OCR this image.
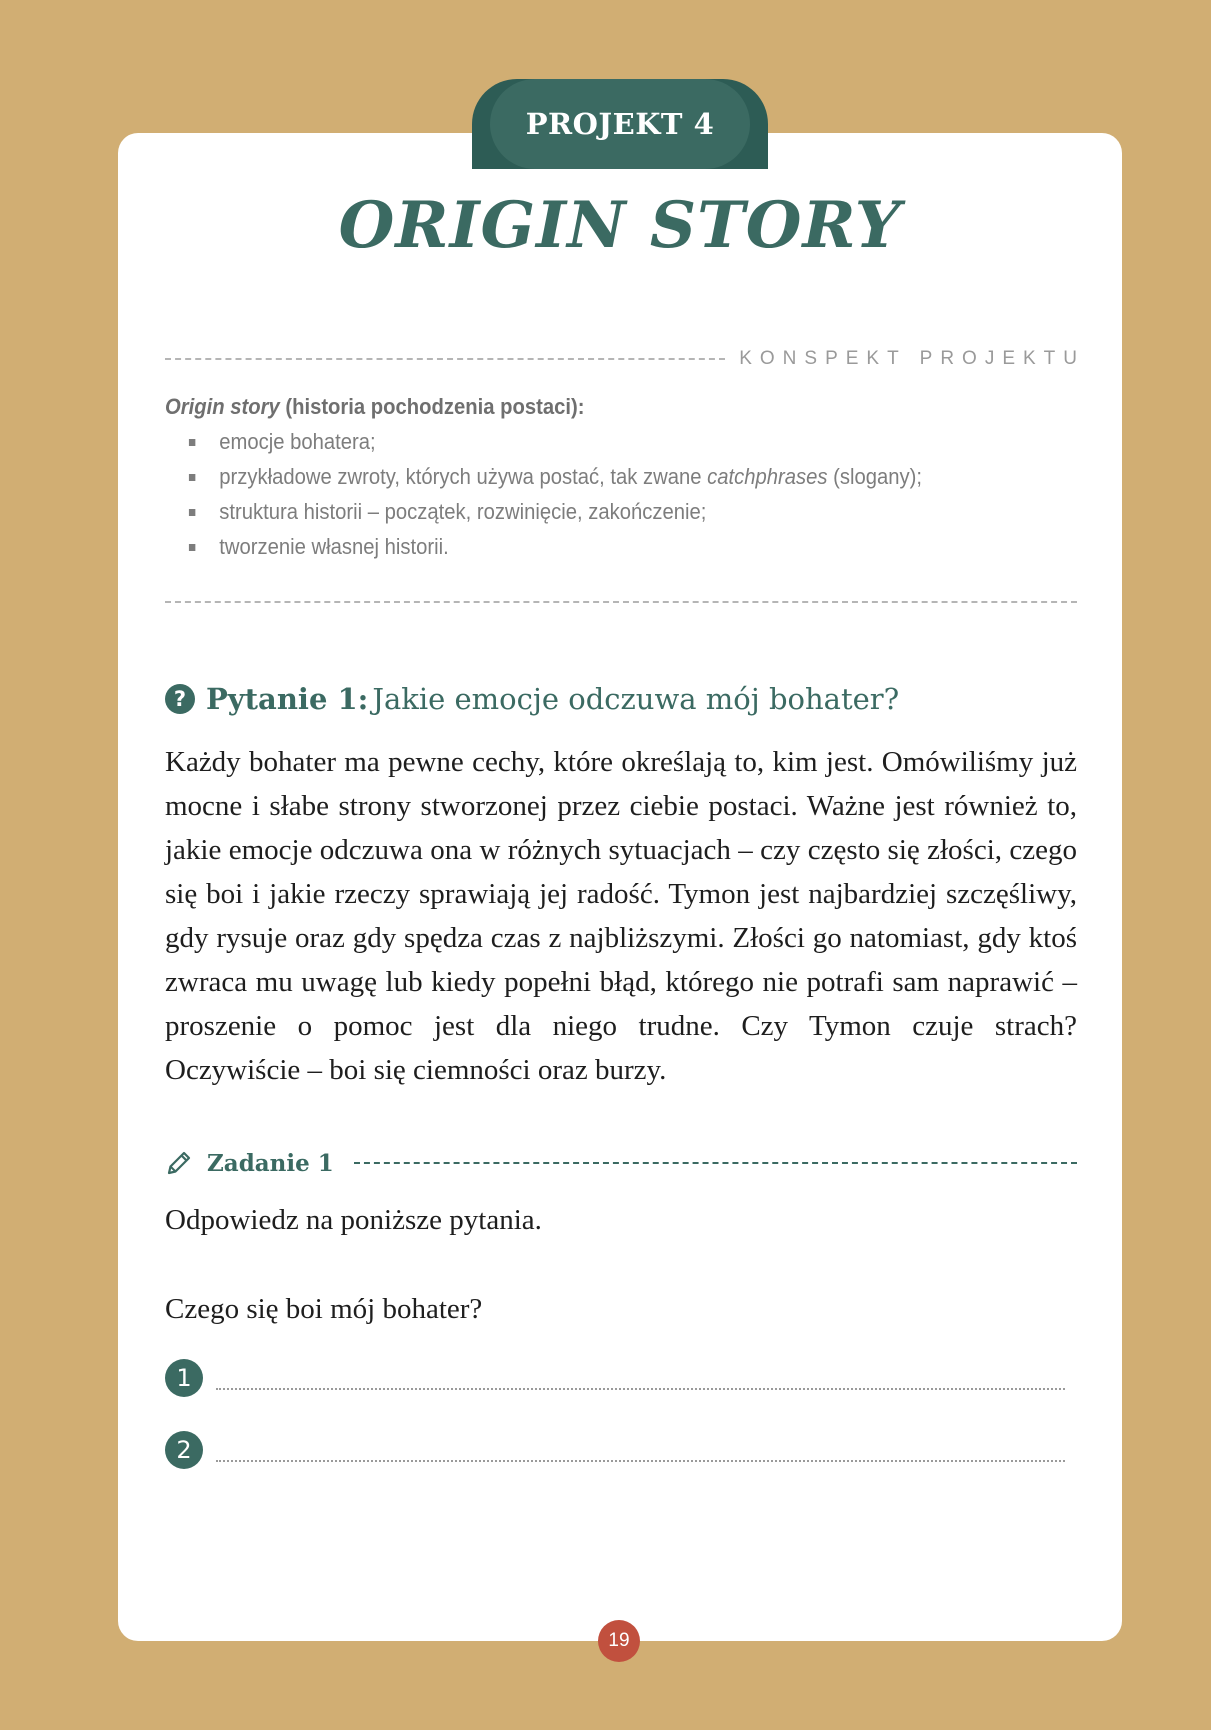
PROJEKT 4
ORIGIN STORY
KONSPEKT PROJEKTU
Origin story (historia pochodzenia postaci):
emocje bohatera;
przykładowe zwroty, których używa postać, tak zwane catchphrases (slogany);
struktura historii – początek, rozwinięcie, zakończenie;
tworzenie własnej historii.
? Pytanie 1: Jakie emocje odczuwa mój bohater?

Każdy bohater ma pewne cechy, które określają to, kim jest. Omówiliśmy już mocne i słabe strony stworzonej przez ciebie postaci. Ważne jest również to, jakie emocje odczuwa ona w różnych sytuacjach – czy często się złości, czego się boi i jakie rzeczy sprawiają jej radość. Tymon jest najbardziej szczęśliwy, gdy rysuje oraz gdy spędza czas z najbliższymi. Złości go natomiast, gdy ktoś zwraca mu uwagę lub kiedy popełni błąd, którego nie potrafi sam naprawić – proszenie o pomoc jest dla niego trudne. Czy Tymon czuje strach? Oczywiście – boi się ciemności oraz burzy.

Zadanie 1

Odpowiedz na poniższe pytania.

Czego się boi mój bohater?

1
2
19
